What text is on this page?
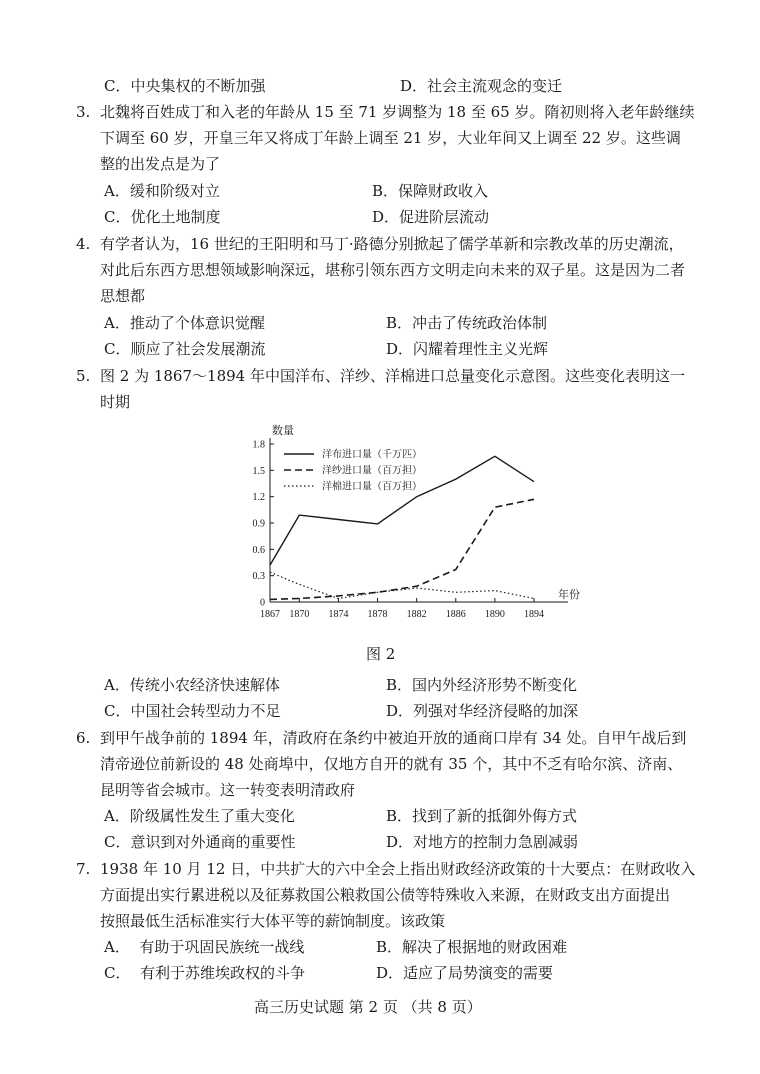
C．中央集权的不断加强	D．社会主流观念的变迁
3. 北魏将百姓成丁和入老的年龄从 15 至 71 岁调整为 18 至 65 岁。隋初则将入老年龄继续
下调至 60 岁，开皇三年又将成丁年龄上调至 21 岁，大业年间又上调至 22 岁。这些调
整的出发点是为了
A．缓和阶级对立	B．保障财政收入
C．优化土地制度	D．促进阶层流动
4. 有学者认为，16 世纪的王阳明和马丁·路德分别掀起了儒学革新和宗教改革的历史潮流，
对此后东西方思想领域影响深远，堪称引领东西方文明走向未来的双子星。这是因为二者
思想都
A．推动了个体意识觉醒	B．冲击了传统政治体制
C．顺应了社会发展潮流	D．闪耀着理性主义光辉
5. 图 2 为 1867～1894 年中国洋布、洋纱、洋棉进口总量变化示意图。这些变化表明这一
时期
1867 1870 1874 1878 1882 1886 1890 1894
0
0.3
0.6
0.9
1.2
1.5
1.8
数量
年份
洋布进口量（千万匹）
洋纱进口量（百万担）
洋棉进口量（百万担）
图 2
A．传统小农经济快速解体	B．国内外经济形势不断变化
C．中国社会转型动力不足	D．列强对华经济侵略的加深
6. 到甲午战争前的 1894 年，清政府在条约中被迫开放的通商口岸有 34 处。自甲午战后到
清帝逊位前新设的 48 处商埠中，仅地方自开的就有 35 个，其中不乏有哈尔滨、济南、
昆明等省会城市。这一转变表明清政府
A．阶级属性发生了重大变化	B．找到了新的抵御外侮方式
C．意识到对外通商的重要性	D．对地方的控制力急剧减弱
7. 1938 年 10 月 12 日，中共扩大的六中全会上指出财政经济政策的十大要点：在财政收入
方面提出实行累进税以及征募救国公粮救国公债等特殊收入来源，在财政支出方面提出
按照最低生活标准实行大体平等的薪饷制度。该政策
A．  有助于巩固民族统一战线	B．解决了根据地的财政困难
C．  有利于苏维埃政权的斗争	D．适应了局势演变的需要
高三历史试题 第 2 页 （共 8 页）
